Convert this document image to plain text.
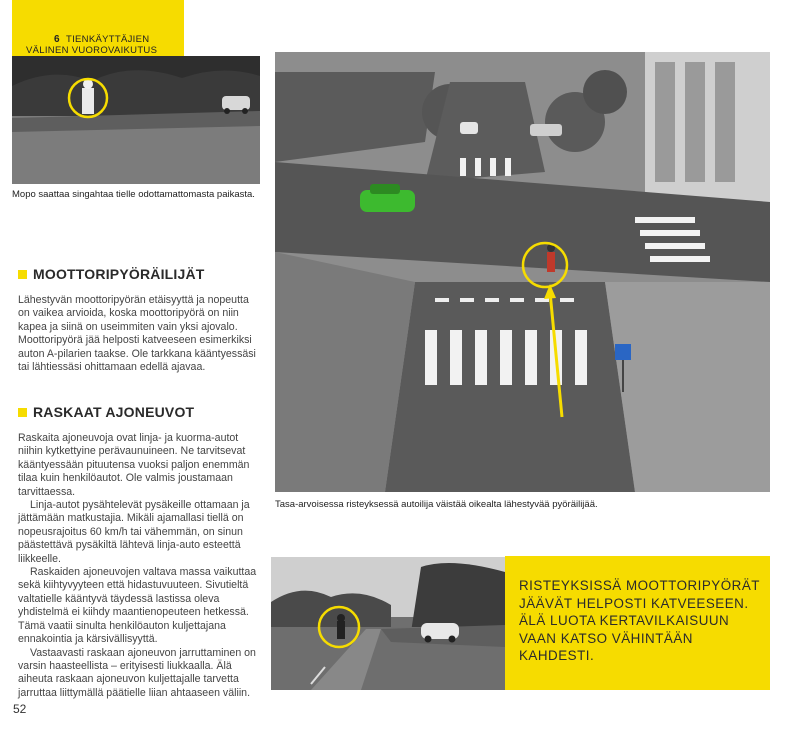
6 TIENKÄYTTÄJIEN
VÄLINEN VUOROVAIKUTUS
Mopo saattaa singahtaa tielle odottamattomasta paikasta.
MOOTTORIPYÖRÄILIJÄT

Lähestyvän moottoripyörän etäisyyttä ja nopeutta on vaikea arvioida, koska moottoripyörä on niin kapea ja siinä on useimmiten vain yksi ajovalo. Moottoripyörä jää helposti katveeseen esimerkiksi auton A-pilarien taakse. Ole tarkkana kääntyessäsi tai lähtiessäsi ohittamaan edellä ajavaa.

RASKAAT AJONEUVOT

Raskaita ajoneuvoja ovat linja- ja kuorma-autot niihin kytkettyine perävaunuineen. Ne tarvitsevat kääntyessään pituutensa vuoksi paljon enemmän tilaa kuin henkilöautot. Ole valmis joustamaan tarvittaessa.

Linja-autot pysähtelevät pysäkeille ottamaan ja jättämään matkustajia. Mikäli ajamallasi tiellä on nopeusrajoitus 60 km/h tai vähemmän, on sinun päästettävä pysäkiltä lähtevä linja-auto esteettä liikkeelle.

Raskaiden ajoneuvojen valtava massa vaikuttaa sekä kiihtyvyyteen että hidastuvuuteen. Sivutieltä valtatielle kääntyvä täydessä lastissa oleva yhdistelmä ei kiihdy maantienopeuteen hetkessä. Tämä vaatii sinulta henkilöauton kuljettajana ennakointia ja kärsivällisyyttä.

Vastaavasti raskaan ajoneuvon jarruttaminen on varsin haasteellista – erityisesti liukkaalla. Älä aiheuta raskaan ajoneuvon kuljettajalle tarvetta jarruttaa liittymällä päätielle liian ahtaaseen väliin.

Tasa-arvoisessa risteyksessä autoilija väistää oikealta lähestyvää pyöräilijää.
RISTEYKSISSÄ MOOTTORIPYÖRÄT JÄÄVÄT HELPOSTI KATVEESEEN. ÄLÄ LUOTA KERTAVILKAISUUN VAAN KATSO VÄHINTÄÄN KAHDESTI.
52
